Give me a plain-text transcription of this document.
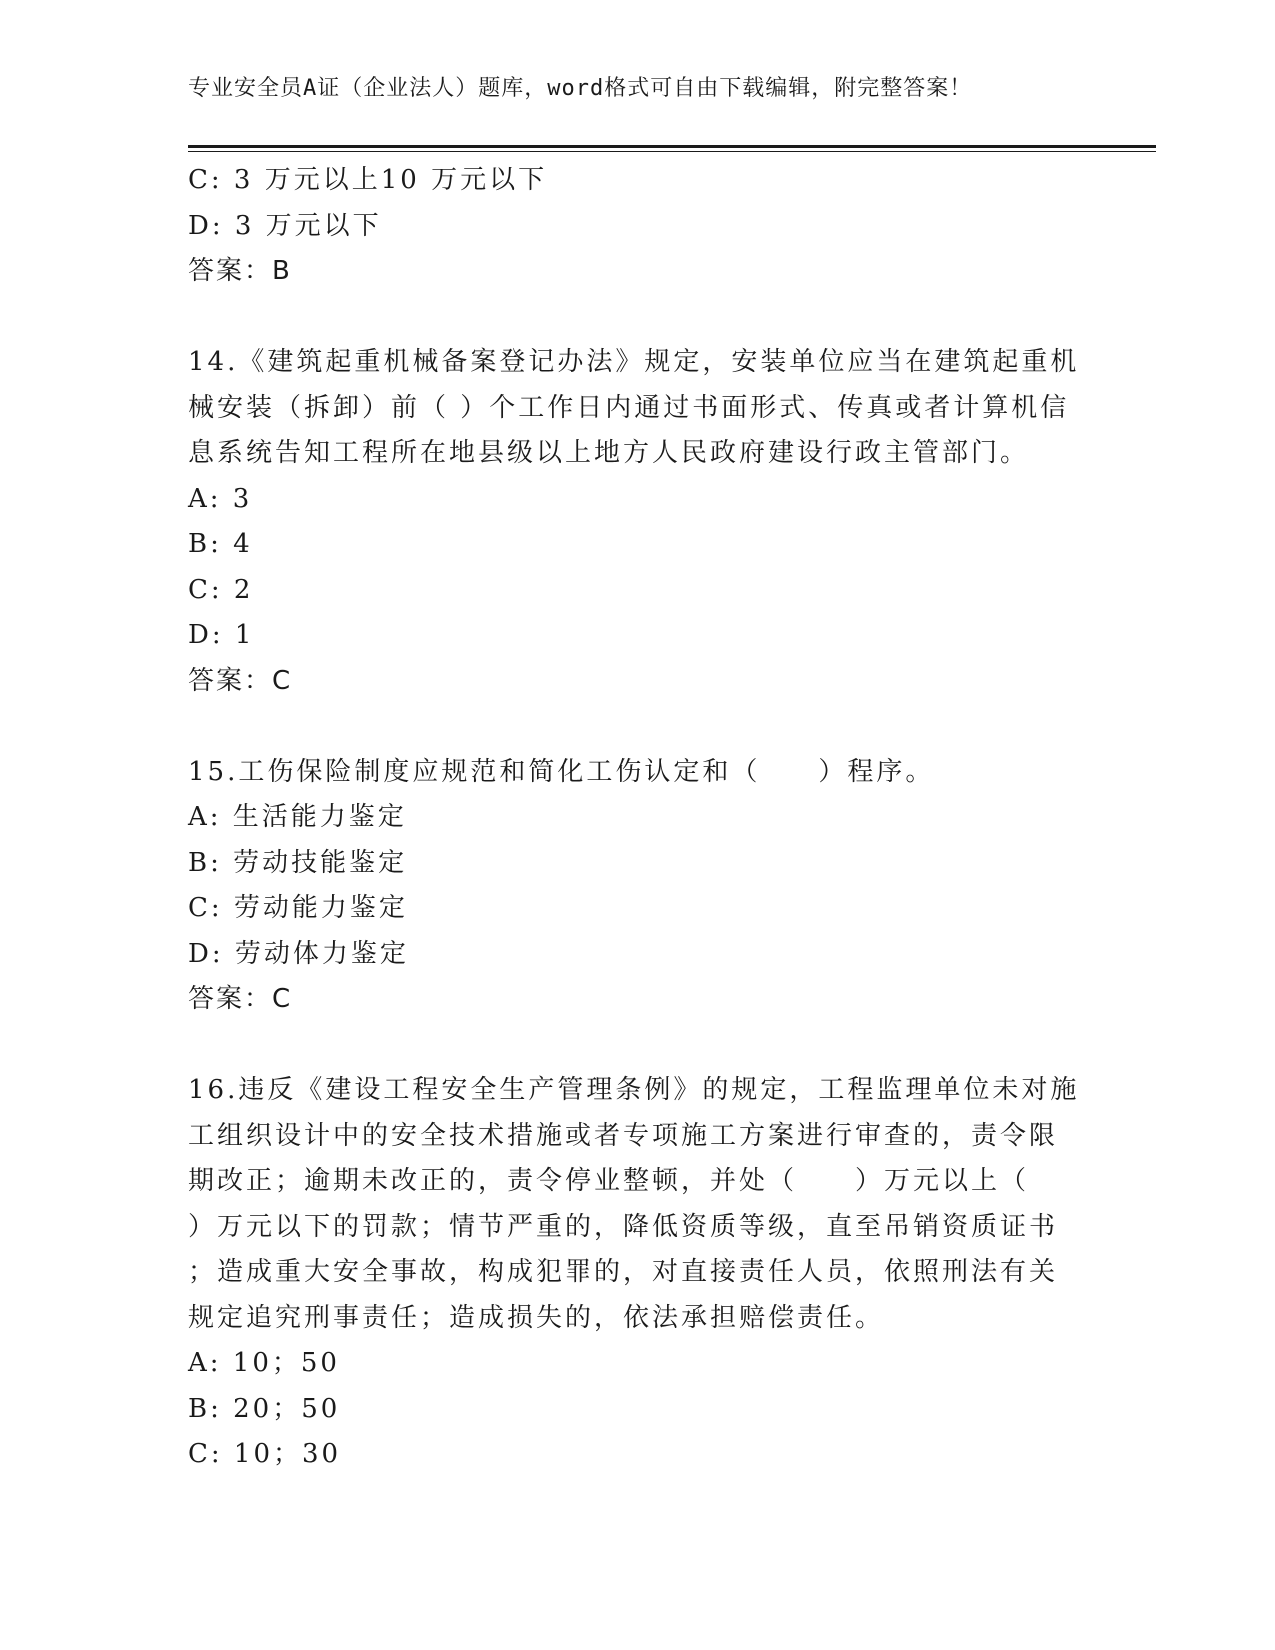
专业安全员A证（企业法人）题库，word格式可自由下载编辑，附完整答案！
C: 3 万元以上10 万元以下
D: 3 万元以下
答案：B
14.《建筑起重机械备案登记办法》规定，安装单位应当在建筑起重机
械安装（拆卸）前（ ）个工作日内通过书面形式、传真或者计算机信
息系统告知工程所在地县级以上地方人民政府建设行政主管部门。
A: 3
B: 4
C: 2
D: 1
答案：C
15.工伤保险制度应规范和简化工伤认定和（　　）程序。
A: 生活能力鉴定
B: 劳动技能鉴定
C: 劳动能力鉴定
D: 劳动体力鉴定
答案：C
16.违反《建设工程安全生产管理条例》的规定，工程监理单位未对施
工组织设计中的安全技术措施或者专项施工方案进行审查的，责令限
期改正；逾期未改正的，责令停业整顿，并处（　　）万元以上（
）万元以下的罚款；情节严重的，降低资质等级，直至吊销资质证书
；造成重大安全事故，构成犯罪的，对直接责任人员，依照刑法有关
规定追究刑事责任；造成损失的，依法承担赔偿责任。
A: 10；50
B: 20；50
C: 10；30
